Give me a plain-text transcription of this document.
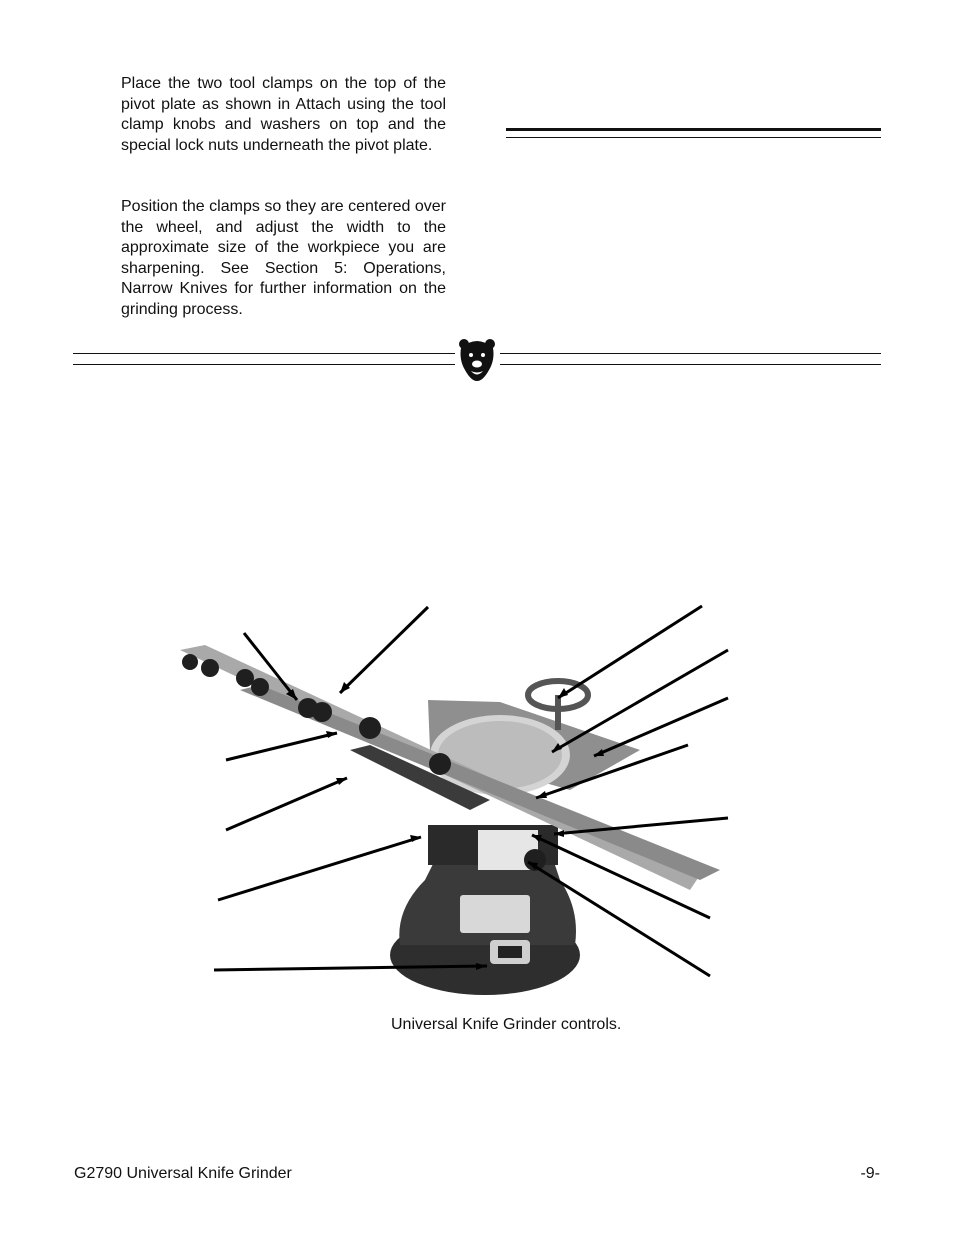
Place the two tool clamps on the top of the pivot plate as shown in Attach using the tool clamp knobs and washers on top and the special lock nuts underneath the pivot plate.

Position the clamps so they are centered over the wheel, and adjust the width to the approximate size of the workpiece you are sharpening. See Section 5: Operations, Narrow Knives for further information on the grinding process.

Universal Knife Grinder controls.
G2790 Universal Knife Grinder	-9-
